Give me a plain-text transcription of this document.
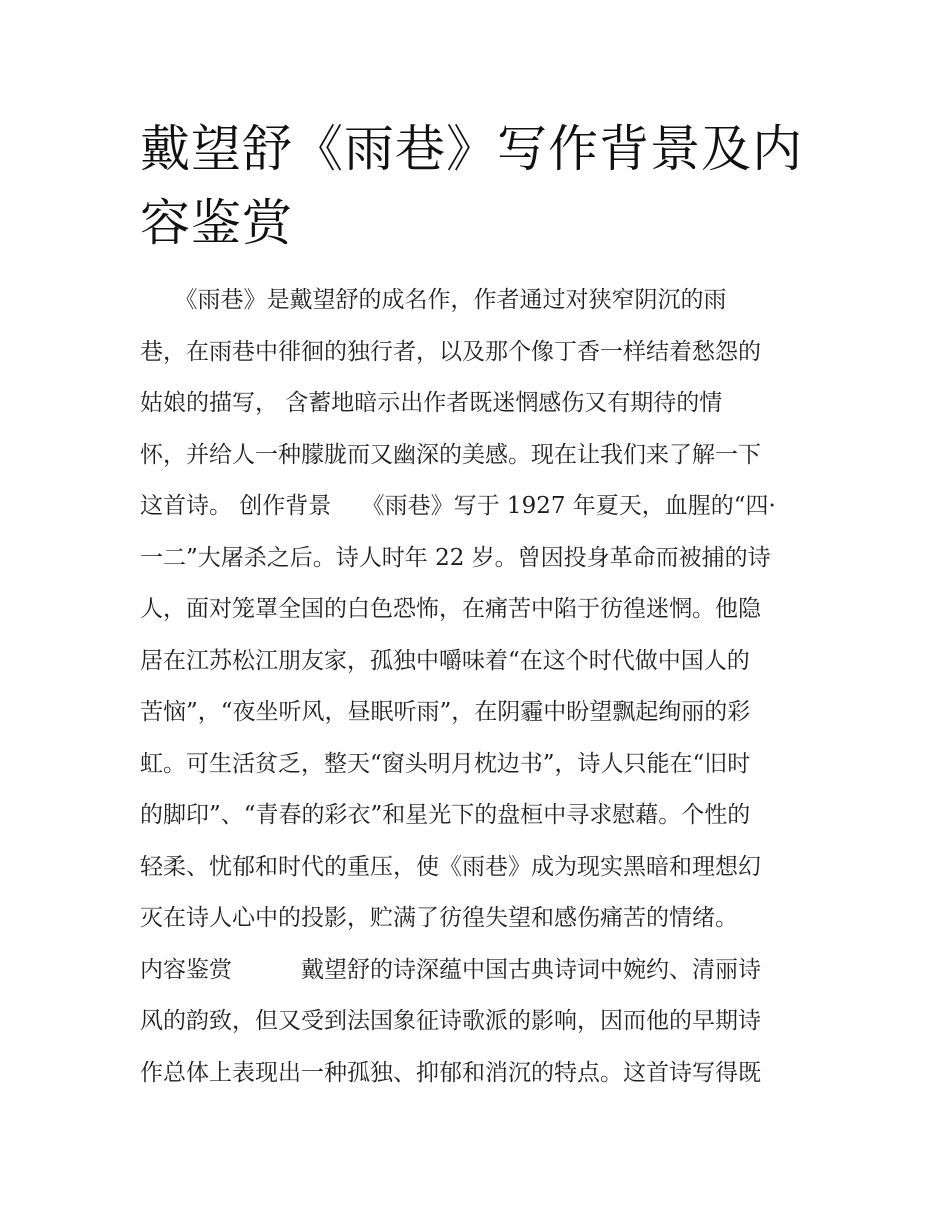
戴望舒《雨巷》写作背景及内
容鉴赏
　　《雨巷》是戴望舒的成名作，作者通过对狭窄阴沉的雨
巷，在雨巷中徘徊的独行者，以及那个像丁香一样结着愁怨的
姑娘的描写， 含蓄地暗示出作者既迷惘感伤又有期待的情
怀，并给人一种朦胧而又幽深的美感。现在让我们来了解一下
这首诗。 创作背景　 《雨巷》写于 1927 年夏天，血腥的“四·
一二”大屠杀之后。诗人时年 22 岁。曾因投身革命而被捕的诗
人，面对笼罩全国的白色恐怖，在痛苦中陷于彷徨迷惘。他隐
居在江苏松江朋友家，孤独中嚼味着“在这个时代做中国人的
苦恼”，“夜坐听风，昼眠听雨”，在阴霾中盼望飘起绚丽的彩
虹。可生活贫乏，整天“窗头明月枕边书”，诗人只能在“旧时
的脚印”、“青春的彩衣”和星光下的盘桓中寻求慰藉。个性的
轻柔、忧郁和时代的重压，使《雨巷》成为现实黑暗和理想幻
灭在诗人心中的投影，贮满了彷徨失望和感伤痛苦的情绪。
内容鉴赏　　　戴望舒的诗深蕴中国古典诗词中婉约、清丽诗
风的韵致，但又受到法国象征诗歌派的影响，因而他的早期诗
作总体上表现出一种孤独、抑郁和消沉的特点。这首诗写得既
